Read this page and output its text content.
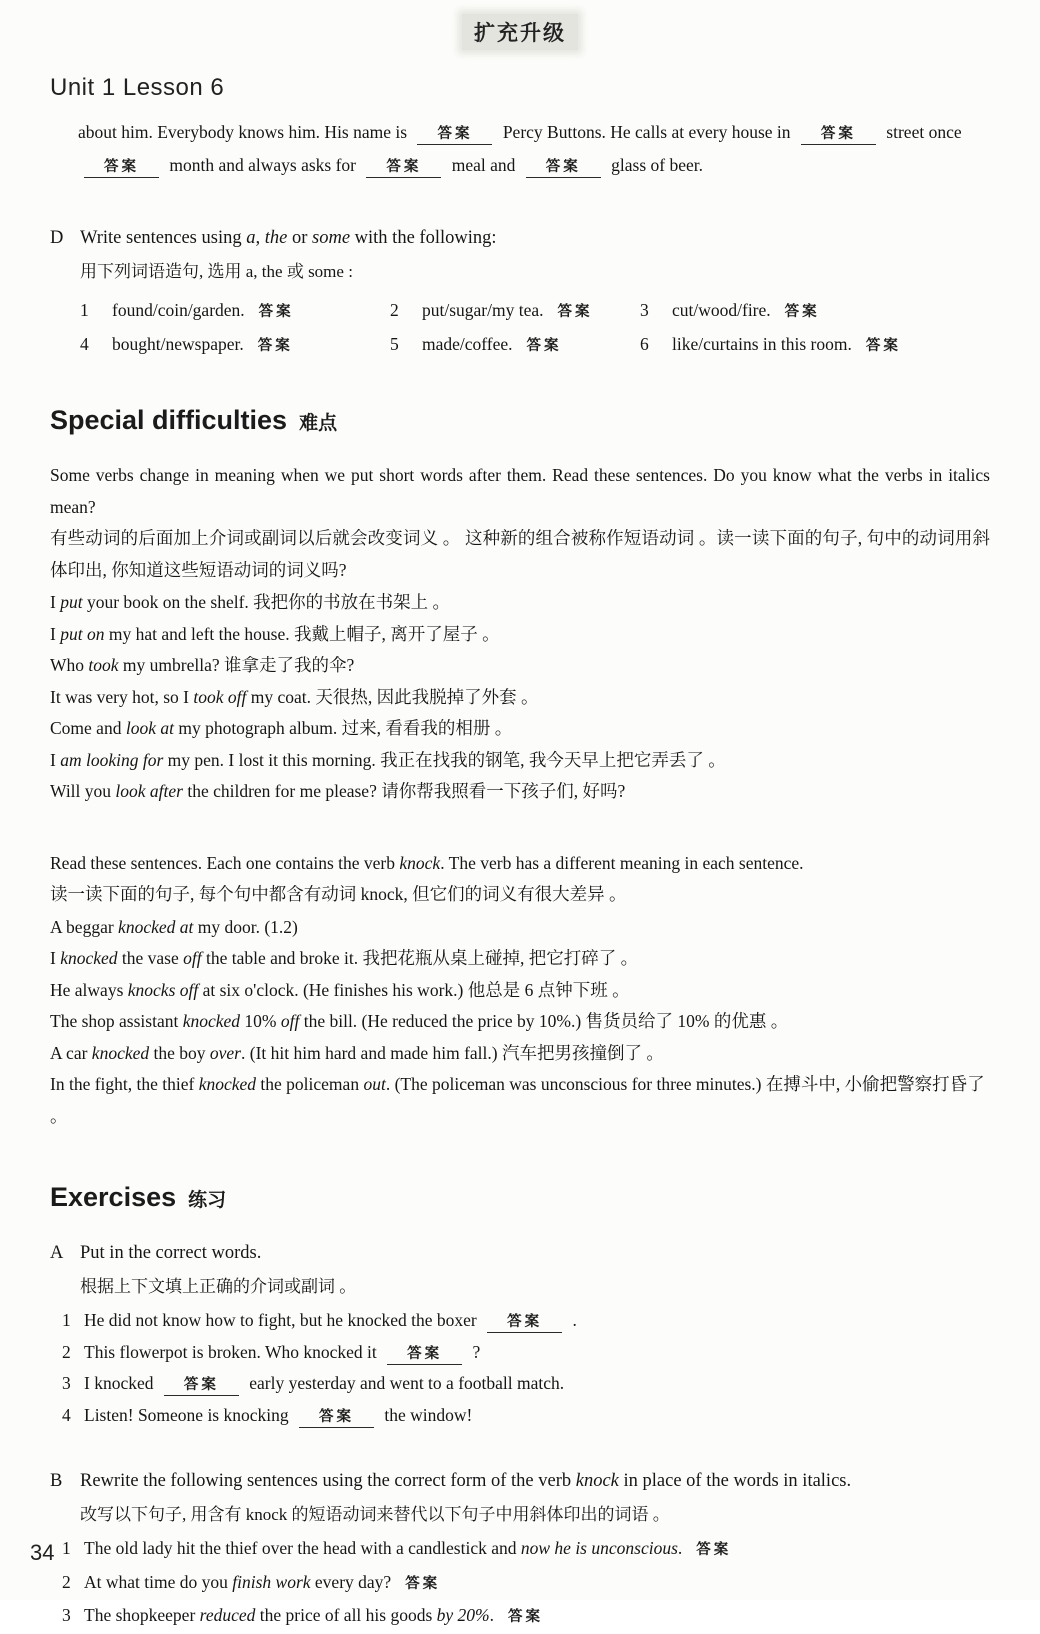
扩充升级
Unit 1 Lesson 6

about him. Everybody knows him. His name is 答案 Percy Buttons. He calls at every house in 答案 street once 答案 month and always asks for 答案 meal and 答案 glass of beer.

D Write sentences using a, the or some with the following:
用下列词语造句, 选用 a, the 或 some :
1	found/coin/garden. 答案	2	put/sugar/my tea. 答案	3	cut/wood/fire. 答案
4	bought/newspaper. 答案	5	made/coffee. 答案	6	like/curtains in this room. 答案
Special difficulties 难点

Some verbs change in meaning when we put short words after them. Read these sentences. Do you know what the verbs in italics mean?

有些动词的后面加上介词或副词以后就会改变词义 。 这种新的组合被称作短语动词 。读一读下面的句子, 句中的动词用斜体印出, 你知道这些短语动词的词义吗?

I put your book on the shelf. 我把你的书放在书架上 。
I put on my hat and left the house. 我戴上帽子, 离开了屋子 。
Who took my umbrella? 谁拿走了我的伞?
It was very hot, so I took off my coat. 天很热, 因此我脱掉了外套 。
Come and look at my photograph album. 过来, 看看我的相册 。
I am looking for my pen. I lost it this morning. 我正在找我的钢笔, 我今天早上把它弄丢了 。
Will you look after the children for me please? 请你帮我照看一下孩子们, 好吗?

Read these sentences. Each one contains the verb knock. The verb has a different meaning in each sentence.

读一读下面的句子, 每个句中都含有动词 knock, 但它们的词义有很大差异 。

A beggar knocked at my door. (1.2)
I knocked the vase off the table and broke it. 我把花瓶从桌上碰掉, 把它打碎了 。
He always knocks off at six o'clock. (He finishes his work.) 他总是 6 点钟下班 。
The shop assistant knocked 10% off the bill. (He reduced the price by 10%.) 售货员给了 10% 的优惠 。
A car knocked the boy over. (It hit him hard and made him fall.) 汽车把男孩撞倒了 。
In the fight, the thief knocked the policeman out. (The policeman was unconscious for three minutes.) 在搏斗中, 小偷把警察打昏了 。
Exercises 练习
A Put in the correct words.
根据上下文填上正确的介词或副词 。
1 He did not know how to fight, but he knocked the boxer 答案 .
2 This flowerpot is broken. Who knocked it 答案 ?
3 I knocked 答案 early yesterday and went to a football match.
4 Listen! Someone is knocking 答案 the window!
B Rewrite the following sentences using the correct form of the verb knock in place of the words in italics.
改写以下句子, 用含有 knock 的短语动词来替代以下句子中用斜体印出的词语 。
1 The old lady hit the thief over the head with a candlestick and now he is unconscious. 答案
2 At what time do you finish work every day? 答案
3 The shopkeeper reduced the price of all his goods by 20%. 答案
34
